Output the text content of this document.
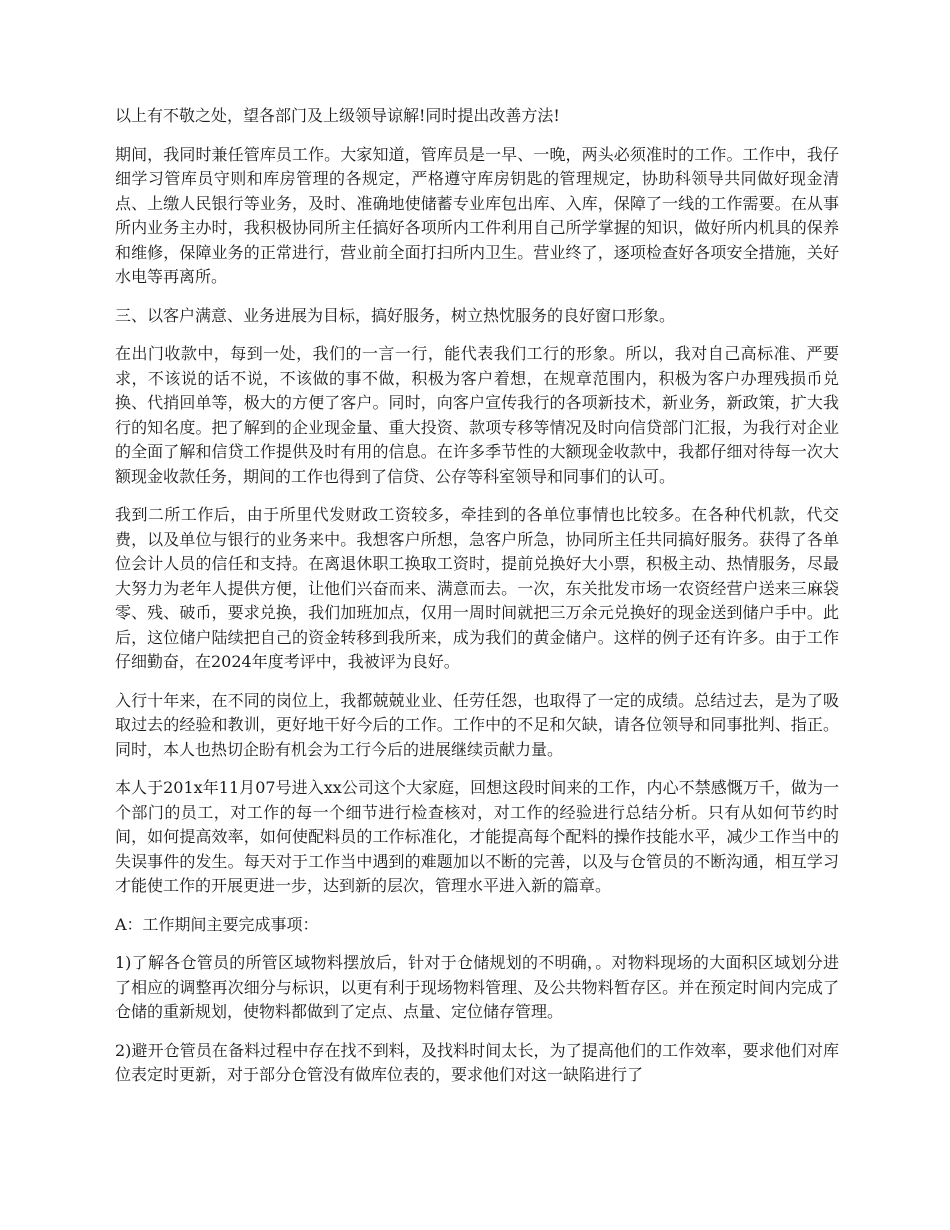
以上有不敬之处，望各部门及上级领导谅解!同时提出改善方法!

期间，我同时兼任管库员工作。大家知道，管库员是一早、一晚，两头必须准时的工作。工作中，我仔细学习管库员守则和库房管理的各规定，严格遵守库房钥匙的管理规定，协助科领导共同做好现金清点、上缴人民银行等业务，及时、准确地使储蓄专业库包出库、入库，保障了一线的工作需要。在从事所内业务主办时，我积极协同所主任搞好各项所内工件利用自己所学掌握的知识，做好所内机具的保养和维修，保障业务的正常进行，营业前全面打扫所内卫生。营业终了，逐项检查好各项安全措施，关好水电等再离所。

三、以客户满意、业务进展为目标，搞好服务，树立热忱服务的良好窗口形象。

在出门收款中，每到一处，我们的一言一行，能代表我们工行的形象。所以，我对自己高标准、严要求，不该说的话不说，不该做的事不做，积极为客户着想，在规章范围内，积极为客户办理残损币兑换、代捎回单等，极大的方便了客户。同时，向客户宣传我行的各项新技术，新业务，新政策，扩大我行的知名度。把了解到的企业现金量、重大投资、款项专移等情况及时向信贷部门汇报，为我行对企业的全面了解和信贷工作提供及时有用的信息。在许多季节性的大额现金收款中，我都仔细对待每一次大额现金收款任务，期间的工作也得到了信贷、公存等科室领导和同事们的认可。

我到二所工作后，由于所里代发财政工资较多，牵挂到的各单位事情也比较多。在各种代机款，代交费，以及单位与银行的业务来中。我想客户所想，急客户所急，协同所主任共同搞好服务。获得了各单位会计人员的信任和支持。在离退休职工换取工资时，提前兑换好大小票，积极主动、热情服务，尽最大努力为老年人提供方便，让他们兴奋而来、满意而去。一次，东关批发市场一农资经营户送来三麻袋零、残、破币，要求兑换，我们加班加点，仅用一周时间就把三万余元兑换好的现金送到储户手中。此后，这位储户陆续把自己的资金转移到我所来，成为我们的黄金储户。这样的例子还有许多。由于工作仔细勤奋，在2024年度考评中，我被评为良好。

入行十年来，在不同的岗位上，我都兢兢业业、任劳任怨，也取得了一定的成绩。总结过去，是为了吸取过去的经验和教训，更好地干好今后的工作。工作中的不足和欠缺，请各位领导和同事批判、指正。同时，本人也热切企盼有机会为工行今后的进展继续贡献力量。

本人于201x年11月07号进入xx公司这个大家庭，回想这段时间来的工作，内心不禁感慨万千，做为一个部门的员工，对工作的每一个细节进行检查核对，对工作的经验进行总结分析。只有从如何节约时间，如何提高效率，如何使配料员的工作标准化，才能提高每个配料的操作技能水平，减少工作当中的失误事件的发生。每天对于工作当中遇到的难题加以不断的完善，以及与仓管员的不断沟通，相互学习才能使工作的开展更进一步，达到新的层次，管理水平进入新的篇章。

A：工作期间主要完成事项：

1)了解各仓管员的所管区域物料摆放后，针对于仓储规划的不明确，。对物料现场的大面积区域划分进了相应的调整再次细分与标识，以更有利于现场物料管理、及公共物料暂存区。并在预定时间内完成了仓储的重新规划，使物料都做到了定点、点量、定位储存管理。

2)避开仓管员在备料过程中存在找不到料，及找料时间太长，为了提高他们的工作效率，要求他们对库位表定时更新，对于部分仓管没有做库位表的，要求他们对这一缺陷进行了
